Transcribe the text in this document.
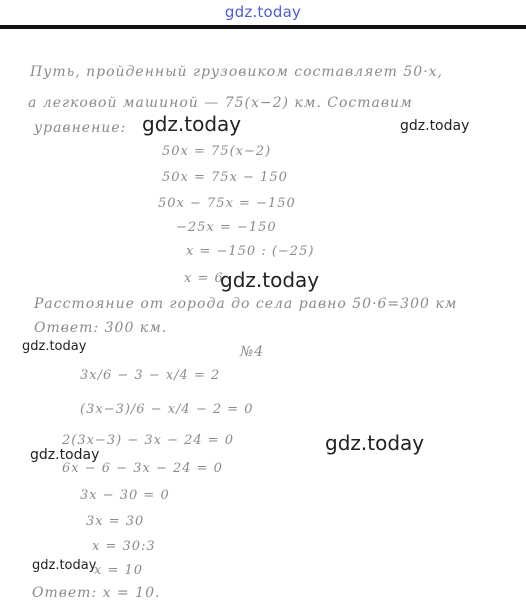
gdz.today
Путь, пройденный грузовиком составляет 50·x,
а легковой машиной — 75(x−2) км. Составим
уравнение:
50x = 75(x−2)
50x = 75x − 150
50x − 75x = −150
−25x = −150
x = −150 : (−25)
x = 6
Расстояние от города до села равно 50·6=300 км
Ответ: 300 км.
№4
3x/6 − 3 − x/4 = 2
(3x−3)/6 − x/4 − 2 = 0
2(3x−3) − 3x − 24 = 0
6x − 6 − 3x − 24 = 0
3x − 30 = 0
3x = 30
x = 30:3
x = 10
Ответ: x = 10.
gdz.today	gdz.today
gdz.today
gdz.today
gdz.today
gdz.today
gdz.today
